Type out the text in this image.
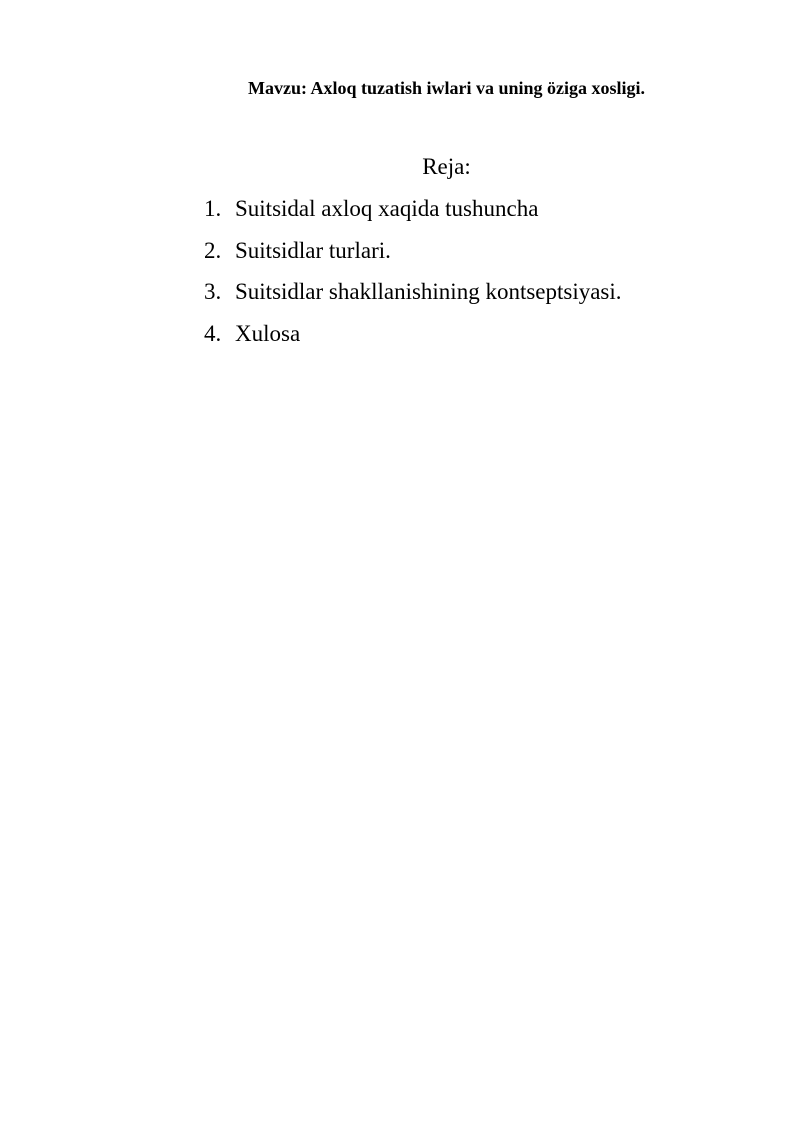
Mavzu: Axloq tuzatish iwlari va uning öziga xosligi.
Reja:
1. Suitsidal axloq xaqida tushuncha
2. Suitsidlar turlari.
3. Suitsidlar shakllanishining kontseptsiyasi.
4. Xulosa
